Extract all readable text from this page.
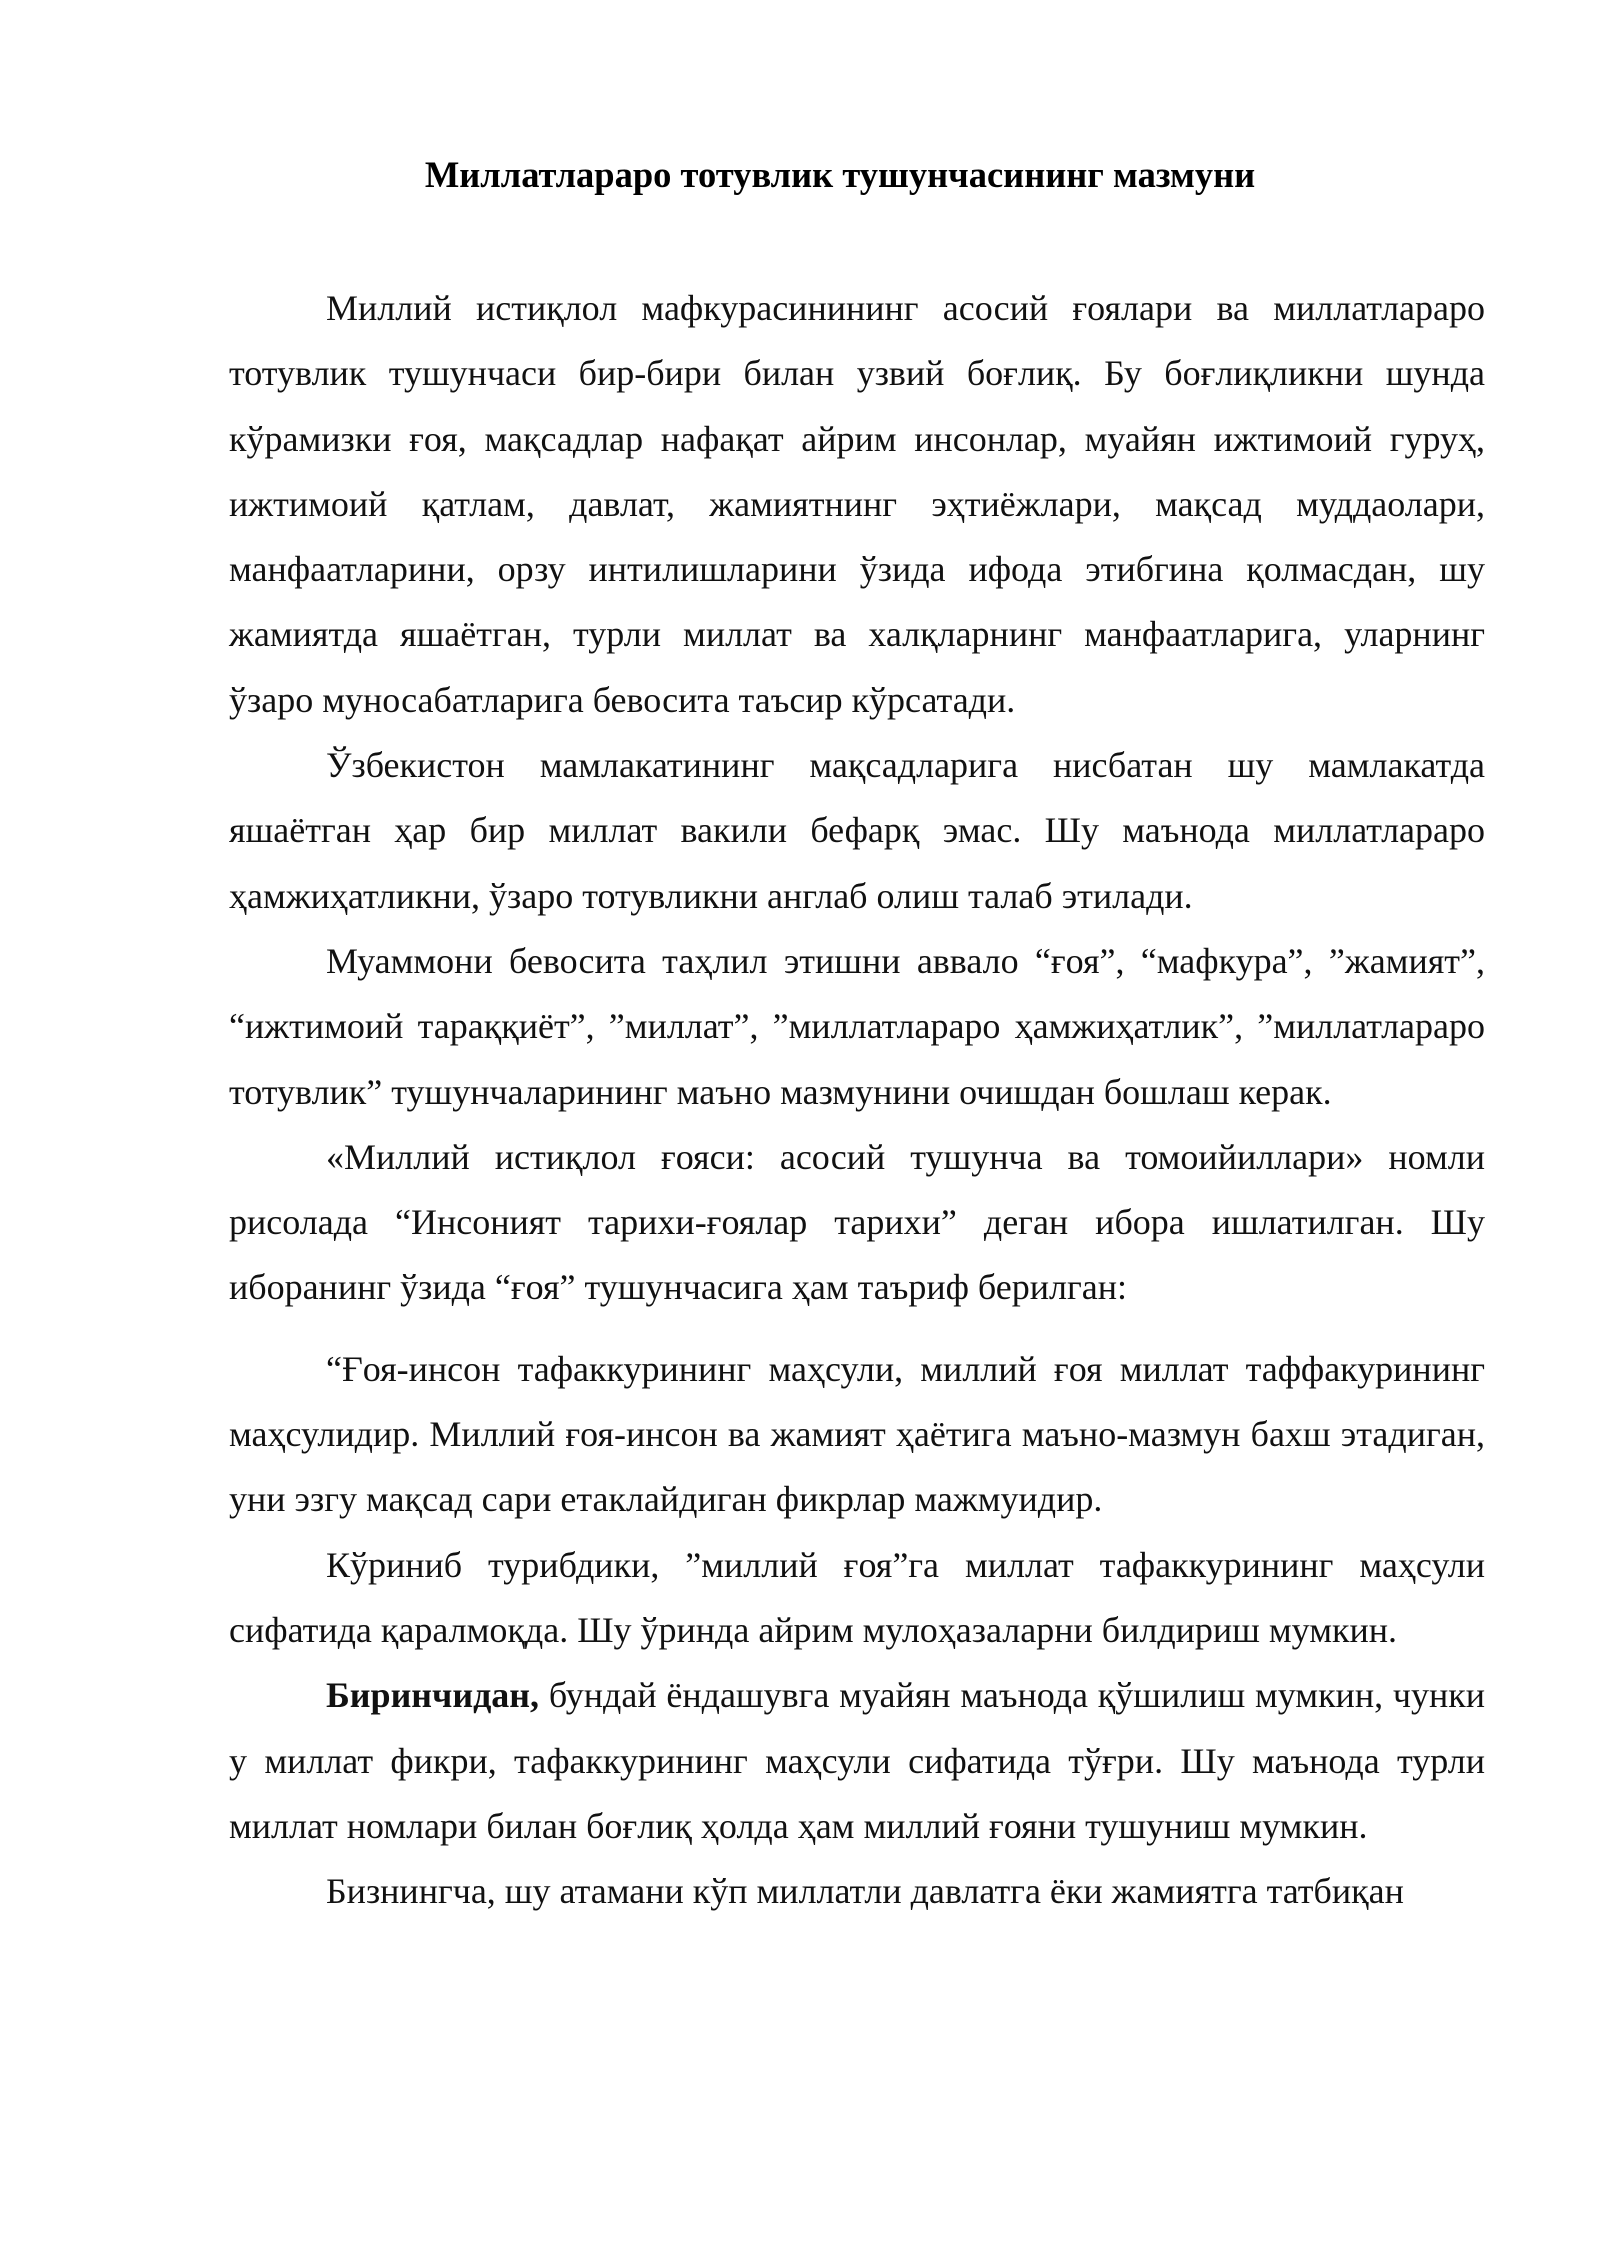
Миллатлараро тотувлик тушунчасининг мазмуни

Миллий истиқлол мафкурасинининг асосий ғоялари ва миллатлараро тотувлик тушунчаси бир-бири билан узвий боғлиқ. Бу боғлиқликни шунда кўрамизки ғоя, мақсадлар нафақат айрим инсонлар, муайян ижтимоий гуруҳ, ижтимоий қатлам, давлат, жамиятнинг эҳтиёжлари, мақсад муддаолари, манфаатларини, орзу интилишларини ўзида ифода этибгина қолмасдан, шу жамиятда яшаётган, турли миллат ва халқларнинг манфаатларига, уларнинг ўзаро муносабатларига бевосита таъсир кўрсатади.

Ўзбекистон мамлакатининг мақсадларига нисбатан шу мамлакатда яшаётган ҳар бир миллат вакили бефарқ эмас. Шу маънода миллатлараро ҳамжиҳатликни, ўзаро тотувликни англаб олиш талаб этилади.

Муаммони бевосита таҳлил этишни аввало “ғоя”, “мафкура”, ”жамият”, “ижтимоий тараққиёт”, ”миллат”, ”миллатлараро ҳамжиҳатлик”, ”миллатлараро тотувлик” тушунчаларининг маъно мазмунини очишдан бошлаш керак.

«Миллий истиқлол ғояси: асосий тушунча ва томоийиллари» номли рисолада “Инсоният тарихи-ғоялар тарихи” деган ибора ишлатилган. Шу иборанинг ўзида “ғоя” тушунчасига ҳам таъриф берилган:

“Ғоя-инсон тафаккурининг маҳсули, миллий ғоя миллат таффакурининг маҳсулидир. Миллий ғоя-инсон ва жамият ҳаётига маъно-мазмун бахш этадиган, уни эзгу мақсад сари етаклайдиган фикрлар мажмуидир.

Кўриниб турибдики, ”миллий ғоя”га миллат тафаккурининг маҳсули сифатида қаралмоқда. Шу ўринда айрим мулоҳазаларни билдириш мумкин.

Биринчидан, бундай ёндашувга муайян маънода қўшилиш мумкин, чунки у миллат фикри, тафаккурининг маҳсули сифатида тўғри. Шу маънода турли миллат номлари билан боғлиқ ҳолда ҳам миллий ғояни тушуниш мумкин.

Бизнингча, шу атамани кўп миллатли давлатга ёки жамиятга татбиқан
